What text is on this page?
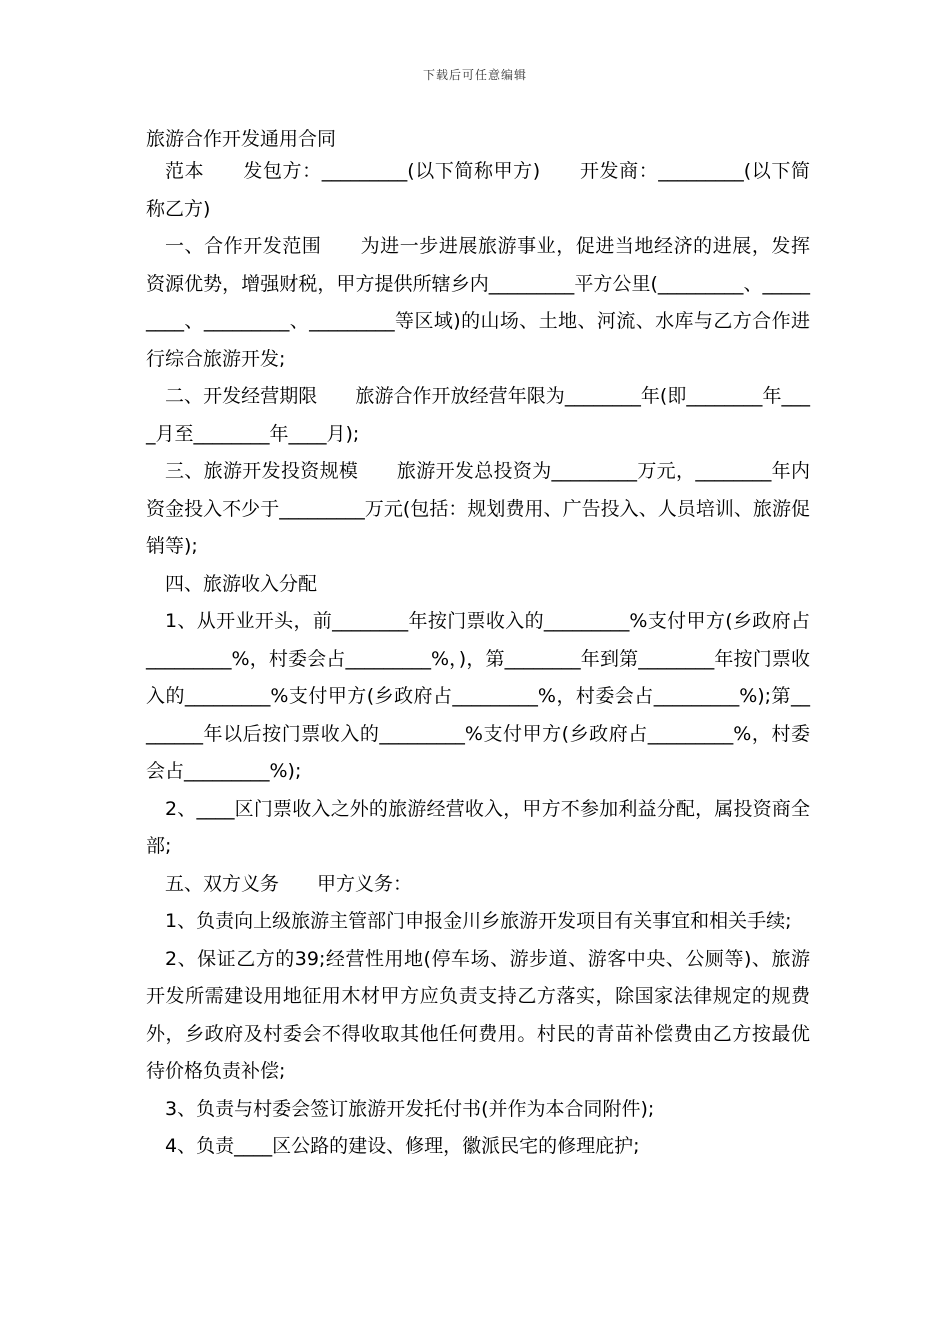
下载后可任意编辑
旅游合作开发通用合同

范本　　发包方：_________(以下简称甲方)　　开发商：_________(以下简称乙方)

一、合作开发范围　　为进一步进展旅游事业，促进当地经济的进展，发挥资源优势，增强财税，甲方提供所辖乡内_________平方公里(_________、_________、_________、_________等区域)的山场、土地、河流、水库与乙方合作进行综合旅游开发;

二、开发经营期限　　旅游合作开放经营年限为________年(即________年____月至________年____月);

三、旅游开发投资规模　　旅游开发总投资为_________万元，________年内资金投入不少于_________万元(包括：规划费用、广告投入、人员培训、旅游促销等);

四、旅游收入分配

1、从开业开头，前________年按门票收入的_________%支付甲方(乡政府占_________%，村委会占_________%，)，第________年到第________年按门票收入的_________%支付甲方(乡政府占_________%，村委会占_________%);第________年以后按门票收入的_________%支付甲方(乡政府占_________%，村委会占_________%);

2、____区门票收入之外的旅游经营收入，甲方不参加利益分配，属投资商全部;

五、双方义务　　甲方义务：

1、负责向上级旅游主管部门申报金川乡旅游开发项目有关事宜和相关手续;

2、保证乙方的39;经营性用地(停车场、游步道、游客中央、公厕等)、旅游开发所需建设用地征用木材甲方应负责支持乙方落实，除国家法律规定的规费外，乡政府及村委会不得收取其他任何费用。村民的青苗补偿费由乙方按最优待价格负责补偿;

3、负责与村委会签订旅游开发托付书(并作为本合同附件);

4、负责____区公路的建设、修理，徽派民宅的修理庇护;
